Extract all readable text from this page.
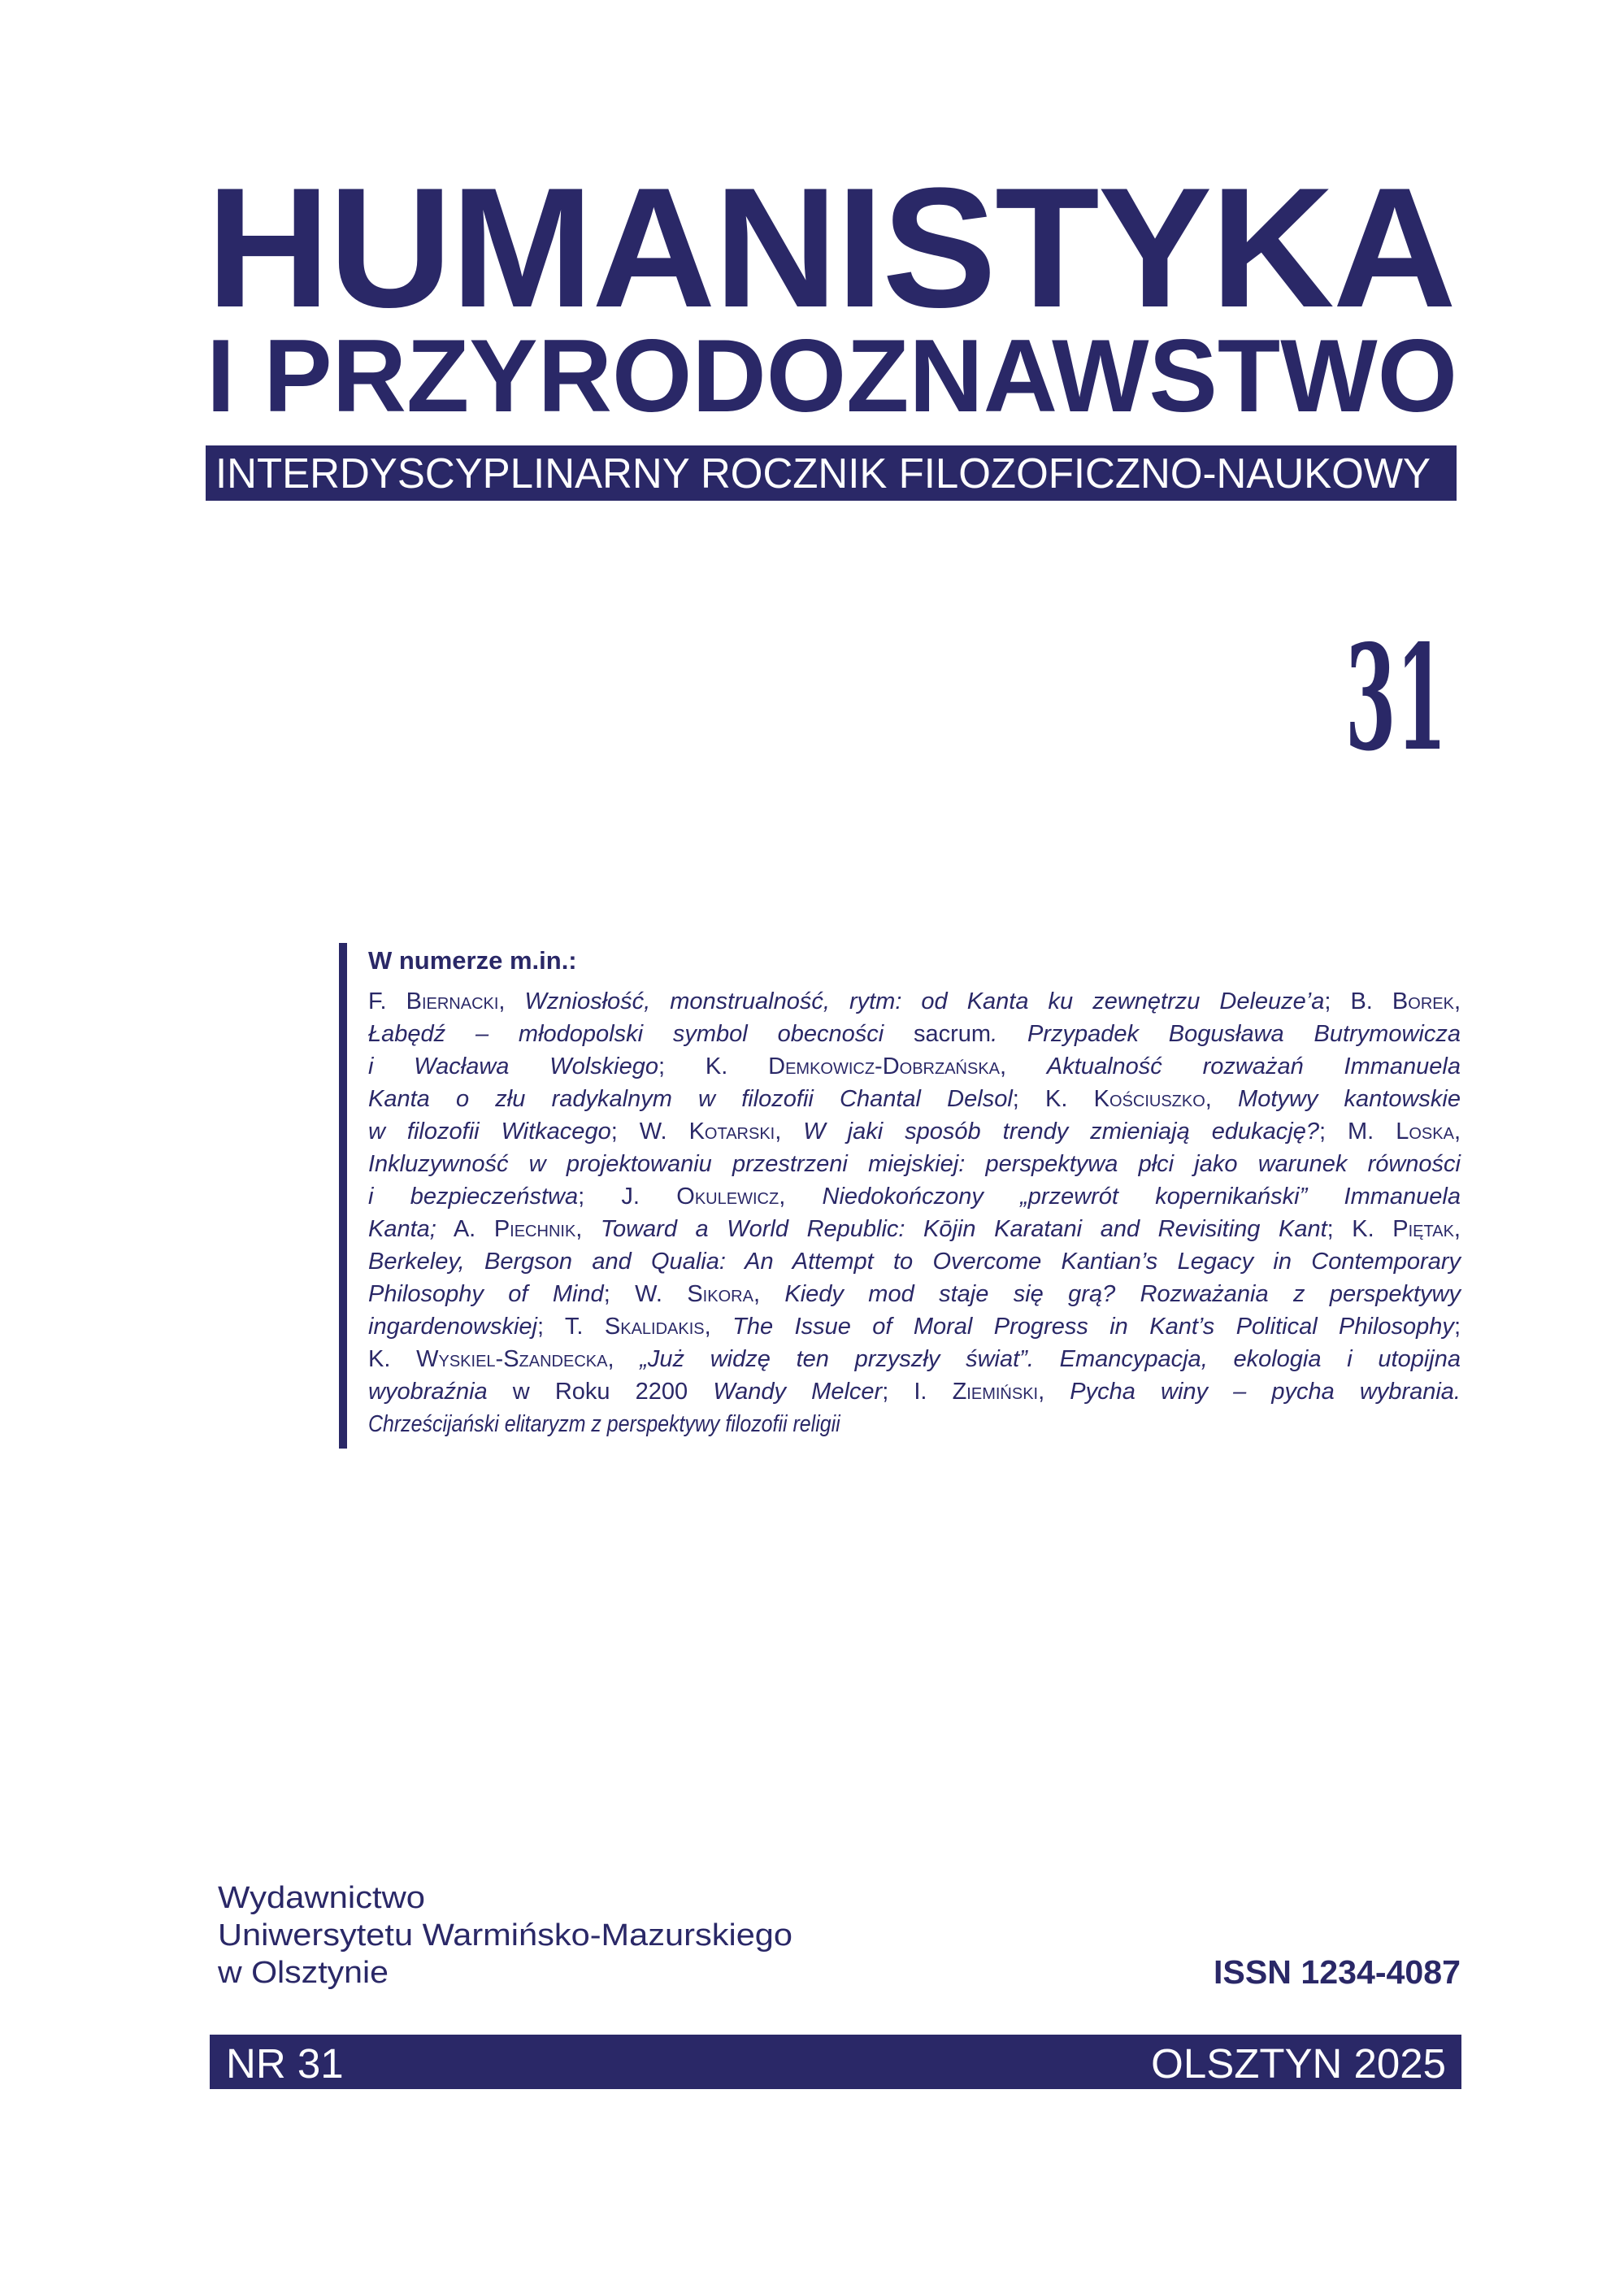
HUMANISTYKA
I PRZYRODOZNAWSTWO
INTERDYSCYPLINARNY ROCZNIK FILOZOFICZNO-NAUKOWY
31
W numerze m.in.:
F. Biernacki, Wzniosłość, monstrualność, rytm: od Kanta ku zewnętrzu Deleuze’a; B. Borek,
Łabędź – młodopolski symbol obecności sacrum. Przypadek Bogusława Butrymowicza
i Wacława Wolskiego; K. Demkowicz-Dobrzańska, Aktualność rozważań Immanuela
Kanta o złu radykalnym w filozofii Chantal Delsol; K. Kościuszko, Motywy kantowskie
w filozofii Witkacego; W. Kotarski, W jaki sposób trendy zmieniają edukację?; M. Loska,
Inkluzywność w projektowaniu przestrzeni miejskiej: perspektywa płci jako warunek równości
i bezpieczeństwa; J. Okulewicz, Niedokończony „przewrót kopernikański” Immanuela
Kanta; A. Piechnik, Toward a World Republic: Kōjin Karatani and Revisiting Kant; K. Piętak,
Berkeley, Bergson and Qualia: An Attempt to Overcome Kantian’s Legacy in Contemporary
Philosophy of Mind; W. Sikora, Kiedy mod staje się grą? Rozważania z perspektywy
ingardenowskiej; T. Skalidakis, The Issue of Moral Progress in Kant’s Political Philosophy;
K. Wyskiel-Szandecka, „Już widzę ten przyszły świat”. Emancypacja, ekologia i utopijna
wyobraźnia w Roku 2200 Wandy Melcer; I. Ziemiński, Pycha winy – pycha wybrania.
Chrześcijański elitaryzm z perspektywy filozofii religii
Wydawnictwo
Uniwersytetu Warmińsko-Mazurskiego
w Olsztynie	ISSN 1234-4087
NR 31	OLSZTYN 2025
